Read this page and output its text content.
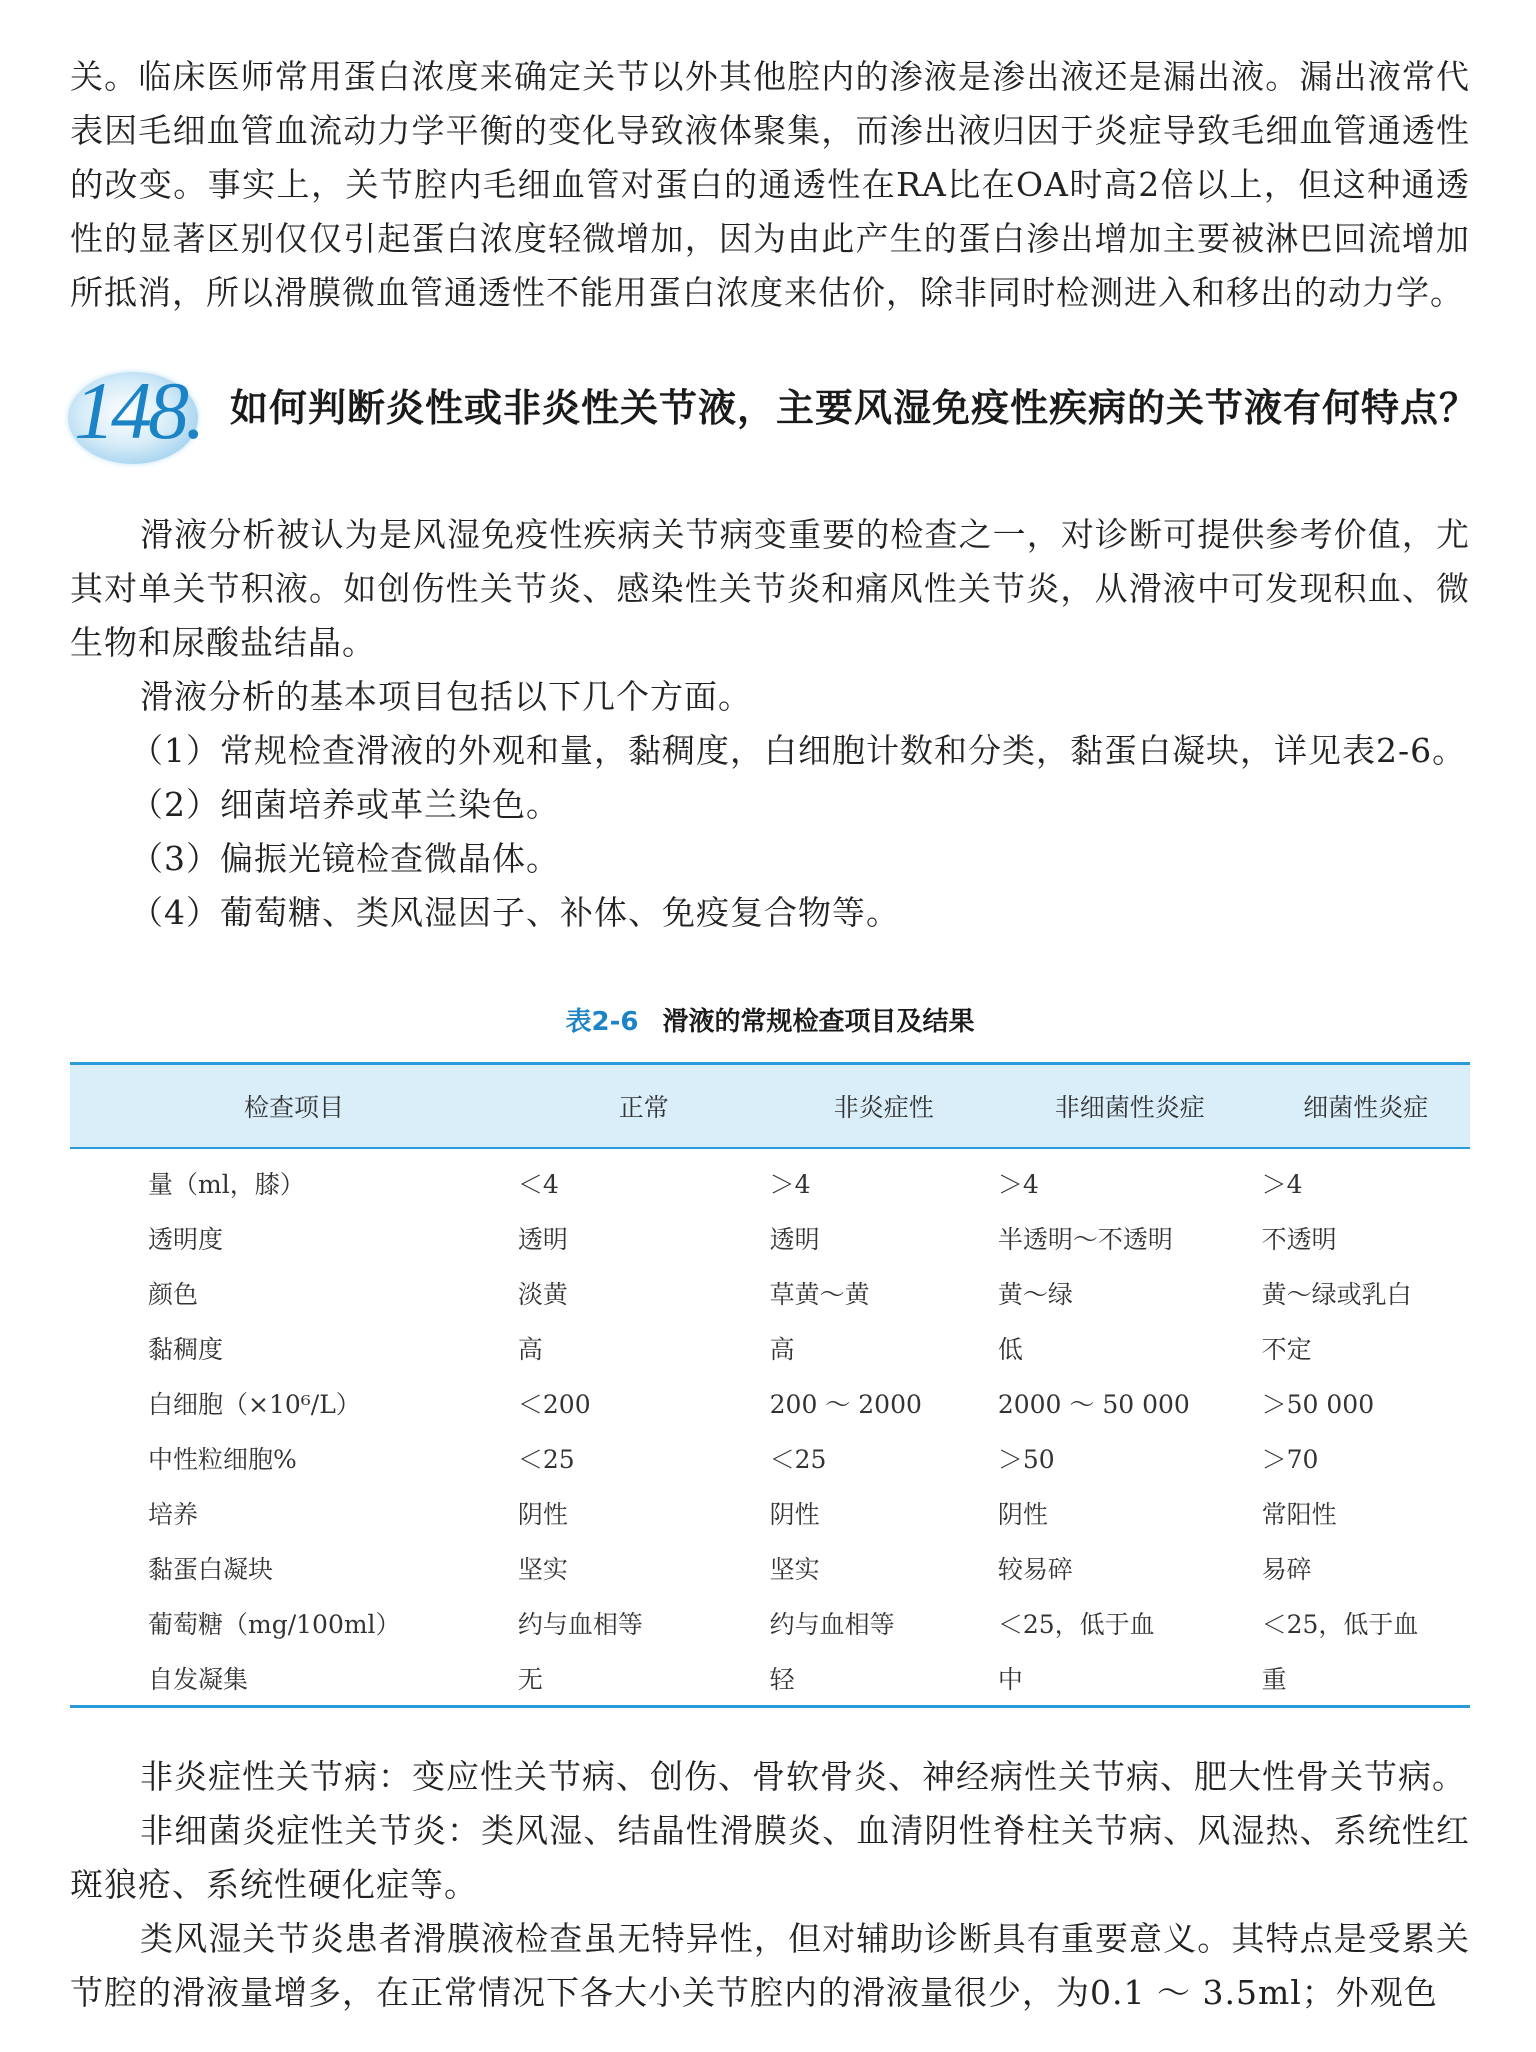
关。临床医师常用蛋白浓度来确定关节以外其他腔内的渗液是渗出液还是漏出液。漏出液常代表因毛细血管血流动力学平衡的变化导致液体聚集，而渗出液归因于炎症导致毛细血管通透性的改变。事实上，关节腔内毛细血管对蛋白的通透性在RA比在OA时高2倍以上，但这种通透性的显著区别仅仅引起蛋白浓度轻微增加，因为由此产生的蛋白渗出增加主要被淋巴回流增加所抵消，所以滑膜微血管通透性不能用蛋白浓度来估价，除非同时检测进入和移出的动力学。

148. 如何判断炎性或非炎性关节液，主要风湿免疫性疾病的关节液有何特点？

滑液分析被认为是风湿免疫性疾病关节病变重要的检查之一，对诊断可提供参考价值，尤其对单关节积液。如创伤性关节炎、感染性关节炎和痛风性关节炎，从滑液中可发现积血、微生物和尿酸盐结晶。

滑液分析的基本项目包括以下几个方面。

（1）常规检查滑液的外观和量，黏稠度，白细胞计数和分类，黏蛋白凝块，详见表2-6。

（2）细菌培养或革兰染色。

（3）偏振光镜检查微晶体。

（4）葡萄糖、类风湿因子、补体、免疫复合物等。

表2-6 滑液的常规检查项目及结果
检查项目	正常	非炎症性	非细菌性炎症	细菌性炎症
量（ml，膝）	＜4	＞4	＞4	＞4
透明度	透明	透明	半透明～不透明	不透明
颜色	淡黄	草黄～黄	黄～绿	黄～绿或乳白
黏稠度	高	高	低	不定
白细胞（×10⁶/L）	＜200	200 ～ 2000	2000 ～ 50 000	＞50 000
中性粒细胞%	＜25	＜25	＞50	＞70
培养	阴性	阴性	阴性	常阳性
黏蛋白凝块	坚实	坚实	较易碎	易碎
葡萄糖（mg/100ml）	约与血相等	约与血相等	＜25，低于血	＜25，低于血
自发凝集	无	轻	中	重

非炎症性关节病：变应性关节病、创伤、骨软骨炎、神经病性关节病、肥大性骨关节病。

非细菌炎症性关节炎：类风湿、结晶性滑膜炎、血清阴性脊柱关节病、风湿热、系统性红斑狼疮、系统性硬化症等。

类风湿关节炎患者滑膜液检查虽无特异性，但对辅助诊断具有重要意义。其特点是受累关节腔的滑液量增多，在正常情况下各大小关节腔内的滑液量很少，为0.1 ～ 3.5ml；外观色
